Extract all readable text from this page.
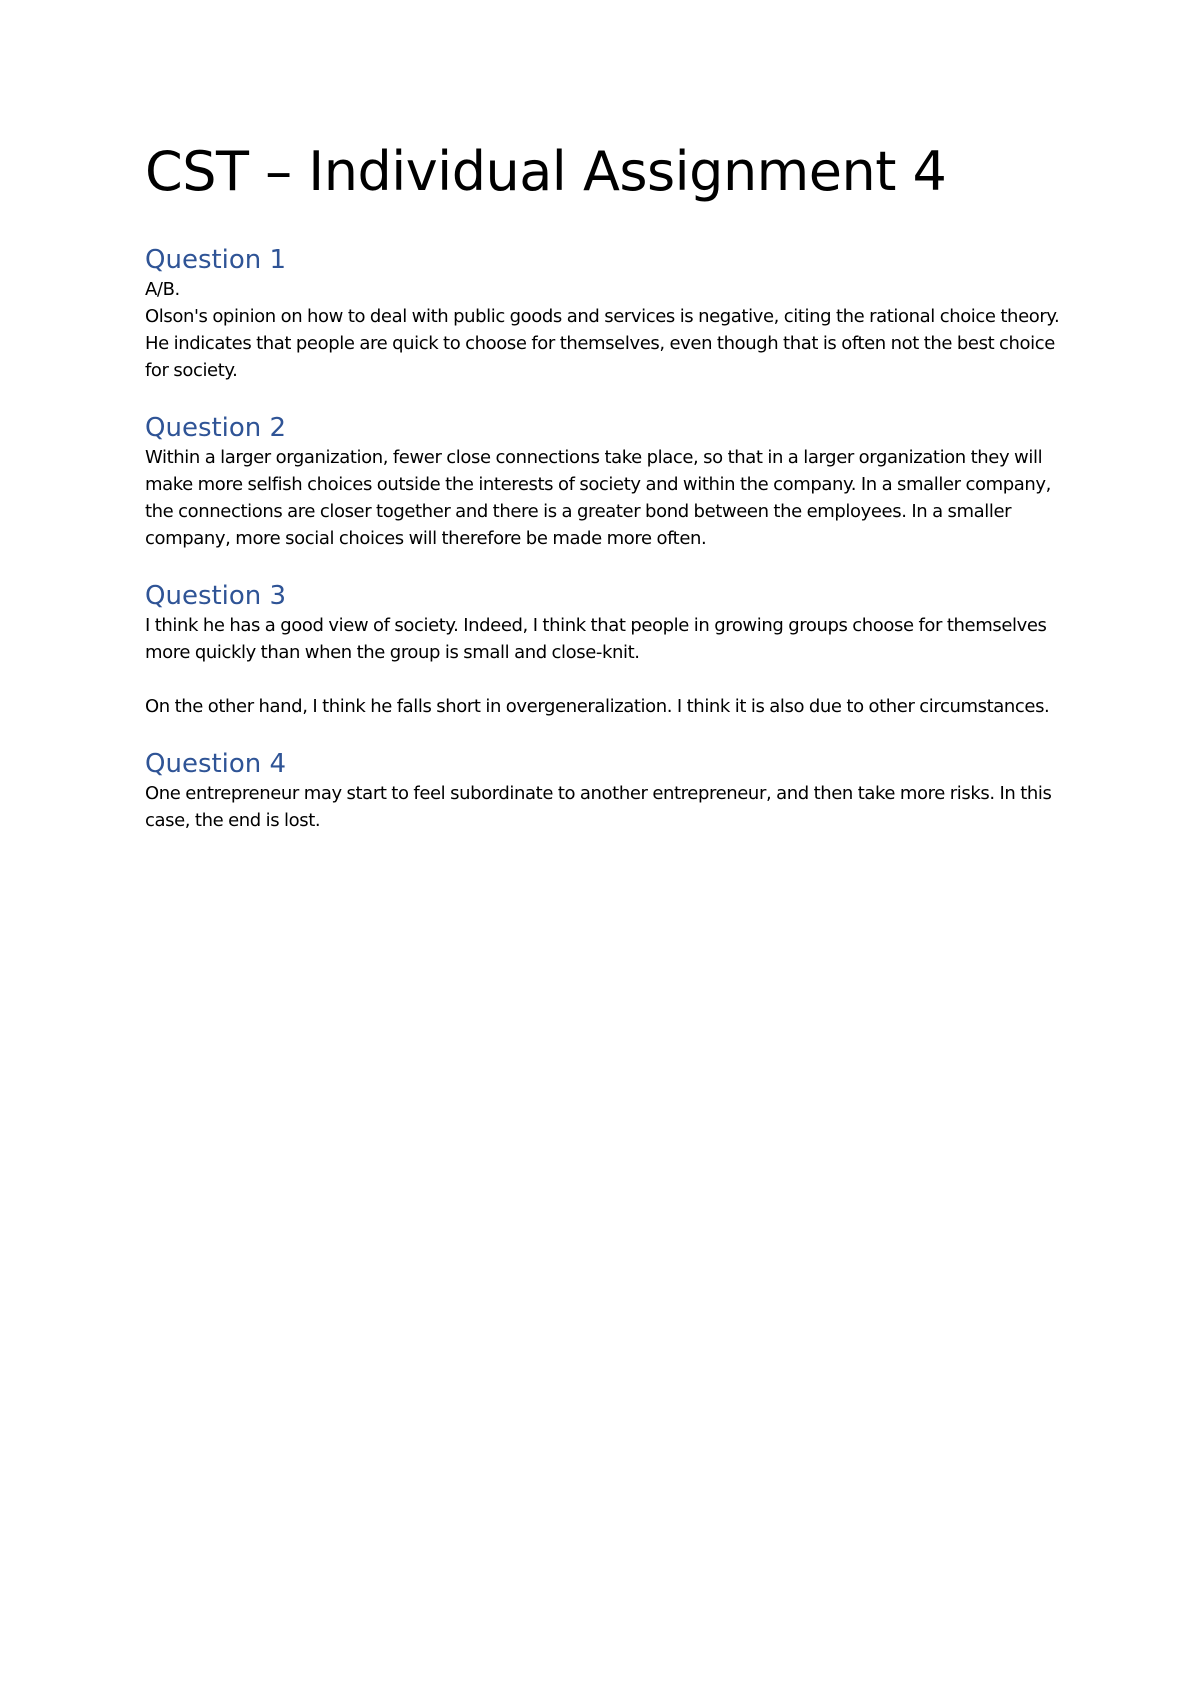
CST – Individual Assignment 4
Question 1

A/B.

Olson's opinion on how to deal with public goods and services is negative, citing the rational choice theory. He indicates that people are quick to choose for themselves, even though that is often not the best choice for society.

Question 2

Within a larger organization, fewer close connections take place, so that in a larger organization they will make more selfish choices outside the interests of society and within the company. In a smaller company, the connections are closer together and there is a greater bond between the employees. In a smaller company, more social choices will therefore be made more often.

Question 3

I think he has a good view of society. Indeed, I think that people in growing groups choose for themselves more quickly than when the group is small and close-knit.

On the other hand, I think he falls short in overgeneralization. I think it is also due to other circumstances.

Question 4

One entrepreneur may start to feel subordinate to another entrepreneur, and then take more risks. In this case, the end is lost.
